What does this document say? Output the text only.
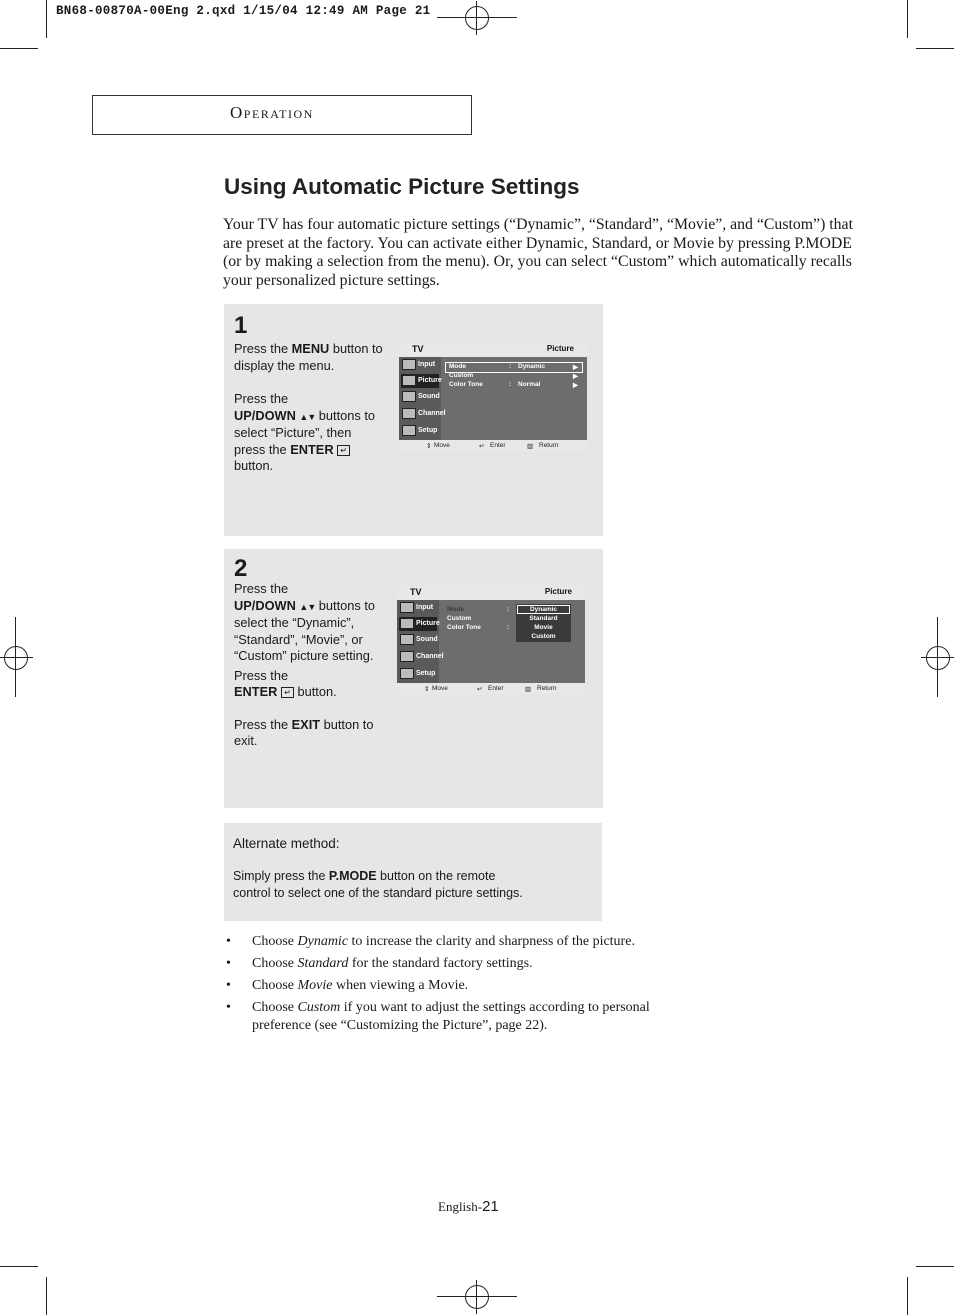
BN68-00870A-00Eng 2.qxd 1/15/04 12:49 AM Page 21
Operation
Using Automatic Picture Settings

Your TV has four automatic picture settings (“Dynamic”, “Standard”, “Movie”, and “Custom”) that are preset at the factory. You can activate either Dynamic, Standard, or Movie by pressing P.MODE (or by making a selection from the menu). Or, you can select “Custom” which automatically recalls your personalized picture settings.

1
Press the MENU button to display the menu.
Press the
UP/DOWN ▲▼ buttons to select “Picture”, then press the ENTER ↵ button.
TV	Picture
Input
Picture
Sound
Channel
Setup
Mode	: Dynamic	▶
Custom	▶
Color Tone	: Normal	▶
⇕ Move	↵ Enter	▥ Return
2
Press the
UP/DOWN ▲▼ buttons to select the “Dynamic”, “Standard”, “Movie”, or “Custom” picture setting.
Press the
ENTER ↵ button.
Press the EXIT button to exit.
TV	Picture
Input
Picture
Sound
Channel
Setup
Mode	:
Custom
Color Tone	:
Dynamic
Standard
Movie
Custom
⇕ Move	↵ Enter	▥ Return
Alternate method:
Simply press the P.MODE button on the remote
control to select one of the standard picture settings.
• Choose Dynamic to increase the clarity and sharpness of the picture.
• Choose Standard for the standard factory settings.
• Choose Movie when viewing a Movie.
• Choose Custom if you want to adjust the settings according to personal
preference (see “Customizing the Picture”, page 22).
English-21
